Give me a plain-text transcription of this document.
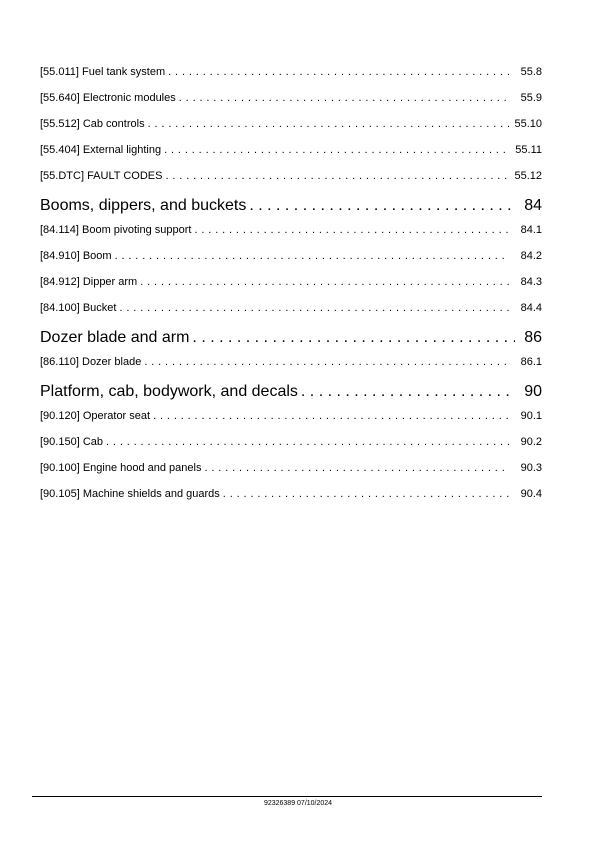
[55.011] Fuel tank system . . .	55.8
[55.640] Electronic modules . . .	55.9
[55.512] Cab controls . . .	55.10
[55.404] External lighting . . .	55.11
[55.DTC] FAULT CODES . . .	55.12
Booms, dippers, and buckets . . .	84
[84.114] Boom pivoting support . . .	84.1
[84.910] Boom . . .	84.2
[84.912] Dipper arm . . .	84.3
[84.100] Bucket . . .	84.4
Dozer blade and arm . . .	86
[86.110] Dozer blade . . .	86.1
Platform, cab, bodywork, and decals . . .	90
[90.120] Operator seat . . .	90.1
[90.150] Cab . . .	90.2
[90.100] Engine hood and panels . . .	90.3
[90.105] Machine shields and guards . . .	90.4
92326389 07/10/2024
